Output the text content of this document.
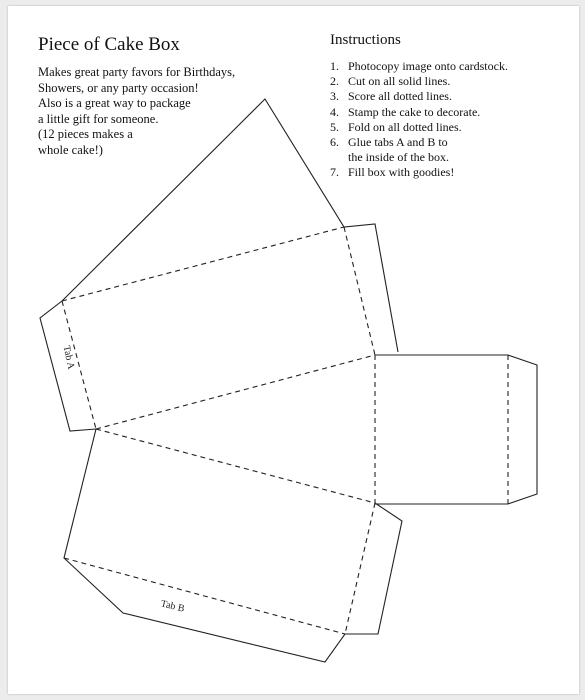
Piece of Cake Box

Makes great party favors for Birthdays,
Showers, or any party occasion!
Also is a great way to package
a little gift for someone.
(12 pieces makes a
whole cake!)

Instructions
1. Photocopy image onto cardstock.
2. Cut on all solid lines.
3. Score all dotted lines.
4. Stamp the cake to decorate.
5. Fold on all dotted lines.
6. Glue tabs A and B to the inside of the box.
7. Fill box with goodies!
Tab A
Tab B
